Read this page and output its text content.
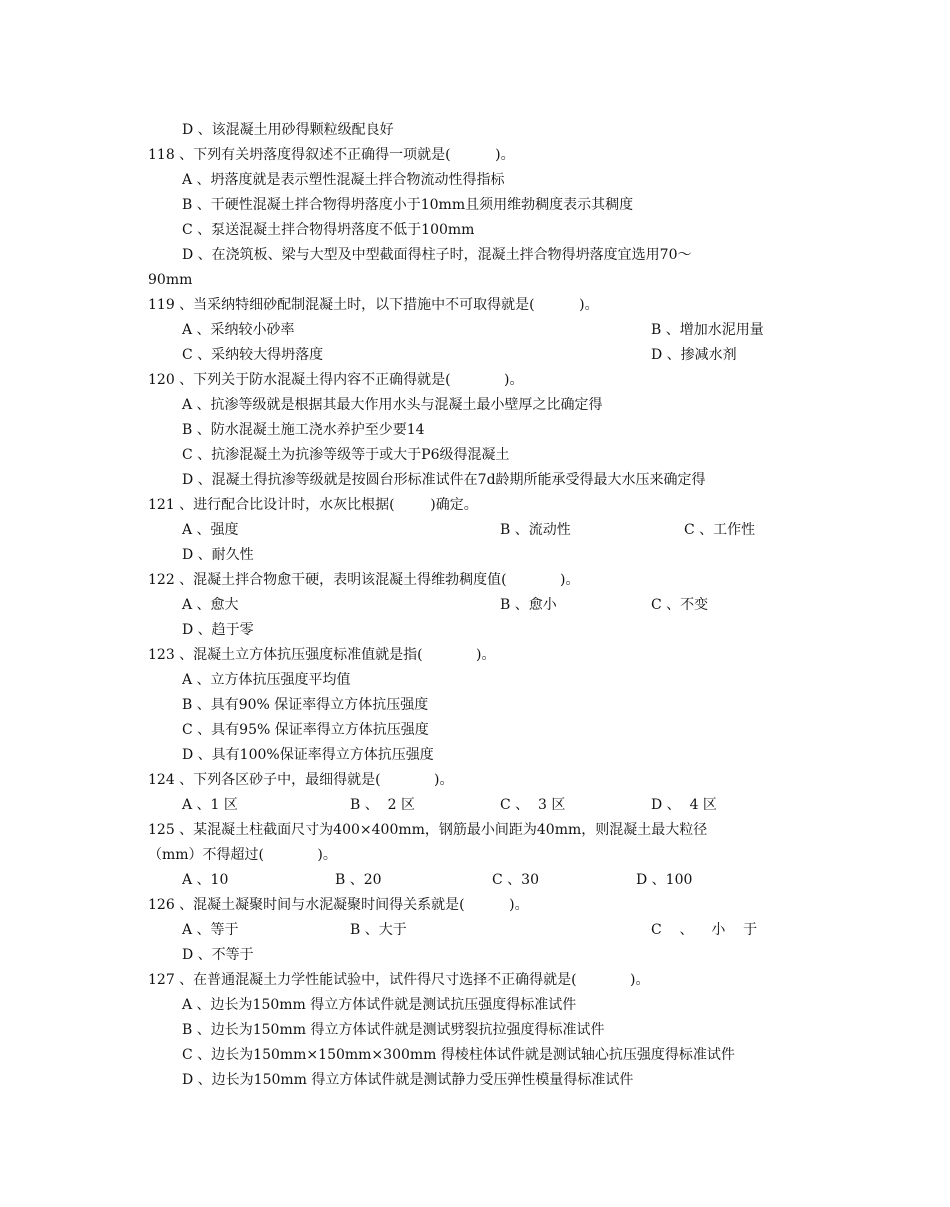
D 、该混凝土用砂得颗粒级配良好
118 、下列有关坍落度得叙述不正确得一项就是(          )。
A 、坍落度就是表示塑性混凝土拌合物流动性得指标
B 、干硬性混凝土拌合物得坍落度小于10mm且须用维勃稠度表示其稠度
C 、泵送混凝土拌合物得坍落度不低于100mm
D 、在浇筑板、梁与大型及中型截面得柱子时，混凝土拌合物得坍落度宜选用70～
90mm
119 、当采纳特细砂配制混凝土时，以下措施中不可取得就是(          )。
A 、采纳较小砂率	B 、增加水泥用量
C 、采纳较大得坍落度	D 、掺减水剂
120 、下列关于防水混凝土得内容不正确得就是(            )。
A 、抗渗等级就是根据其最大作用水头与混凝土最小壁厚之比确定得
B 、防水混凝土施工浇水养护至少要14
C 、抗渗混凝土为抗渗等级等于或大于P6级得混凝土
D 、混凝土得抗渗等级就是按圆台形标准试件在7d龄期所能承受得最大水压来确定得
121 、进行配合比设计时，水灰比根据(        )确定。
A 、强度	B 、流动性	C 、工作性
D 、耐久性
122 、混凝土拌合物愈干硬，表明该混凝土得维勃稠度值(            )。
A 、愈大	B 、愈小	C 、不变
D 、趋于零
123 、混凝土立方体抗压强度标准值就是指(            )。
A 、立方体抗压强度平均值
B 、具有90% 保证率得立方体抗压强度
C 、具有95% 保证率得立方体抗压强度
D 、具有100%保证率得立方体抗压强度
124 、下列各区砂子中，最细得就是(            )。
A 、1 区	B 、  2 区	C 、  3 区	D 、  4 区
125 、某混凝土柱截面尺寸为400×400mm，钢筋最小间距为40mm，则混凝土最大粒径
（mm）不得超过(            )。
A 、10	B 、20	C 、30	D 、100
126 、混凝土凝聚时间与水泥凝聚时间得关系就是(          )。
A 、等于	B 、大于	C    、    小    于
D 、不等于
127 、在普通混凝土力学性能试验中，试件得尺寸选择不正确得就是(            )。
A 、边长为150mm 得立方体试件就是测试抗压强度得标准试件
B 、边长为150mm 得立方体试件就是测试劈裂抗拉强度得标准试件
C 、边长为150mm×150mm×300mm 得棱柱体试件就是测试轴心抗压强度得标准试件
D 、边长为150mm 得立方体试件就是测试静力受压弹性模量得标准试件
